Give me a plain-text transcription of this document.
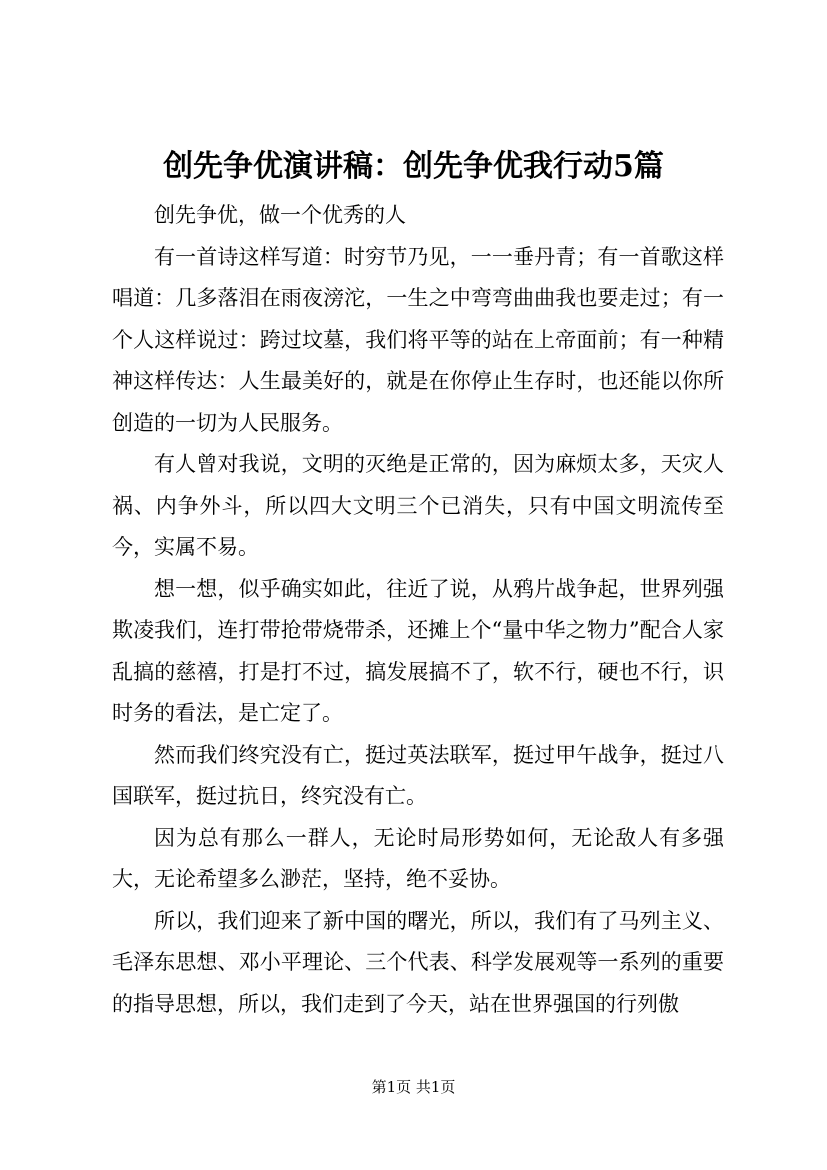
创先争优演讲稿：创先争优我行动5篇

创先争优，做一个优秀的人

有一首诗这样写道：时穷节乃见，一一垂丹青；有一首歌这样唱道：几多落泪在雨夜滂沱，一生之中弯弯曲曲我也要走过；有一个人这样说过：跨过坟墓，我们将平等的站在上帝面前；有一种精神这样传达：人生最美好的，就是在你停止生存时，也还能以你所创造的一切为人民服务。

有人曾对我说，文明的灭绝是正常的，因为麻烦太多，天灾人祸、内争外斗，所以四大文明三个已消失，只有中国文明流传至今，实属不易。

想一想，似乎确实如此，往近了说，从鸦片战争起，世界列强欺凌我们，连打带抢带烧带杀，还摊上个“量中华之物力”配合人家乱搞的慈禧，打是打不过，搞发展搞不了，软不行，硬也不行，识时务的看法，是亡定了。

然而我们终究没有亡，挺过英法联军，挺过甲午战争，挺过八国联军，挺过抗日，终究没有亡。

因为总有那么一群人，无论时局形势如何，无论敌人有多强大，无论希望多么渺茫，坚持，绝不妥协。

所以，我们迎来了新中国的曙光，所以，我们有了马列主义、毛泽东思想、邓小平理论、三个代表、科学发展观等一系列的重要的指导思想，所以，我们走到了今天，站在世界强国的行列傲

第1页 共1页
